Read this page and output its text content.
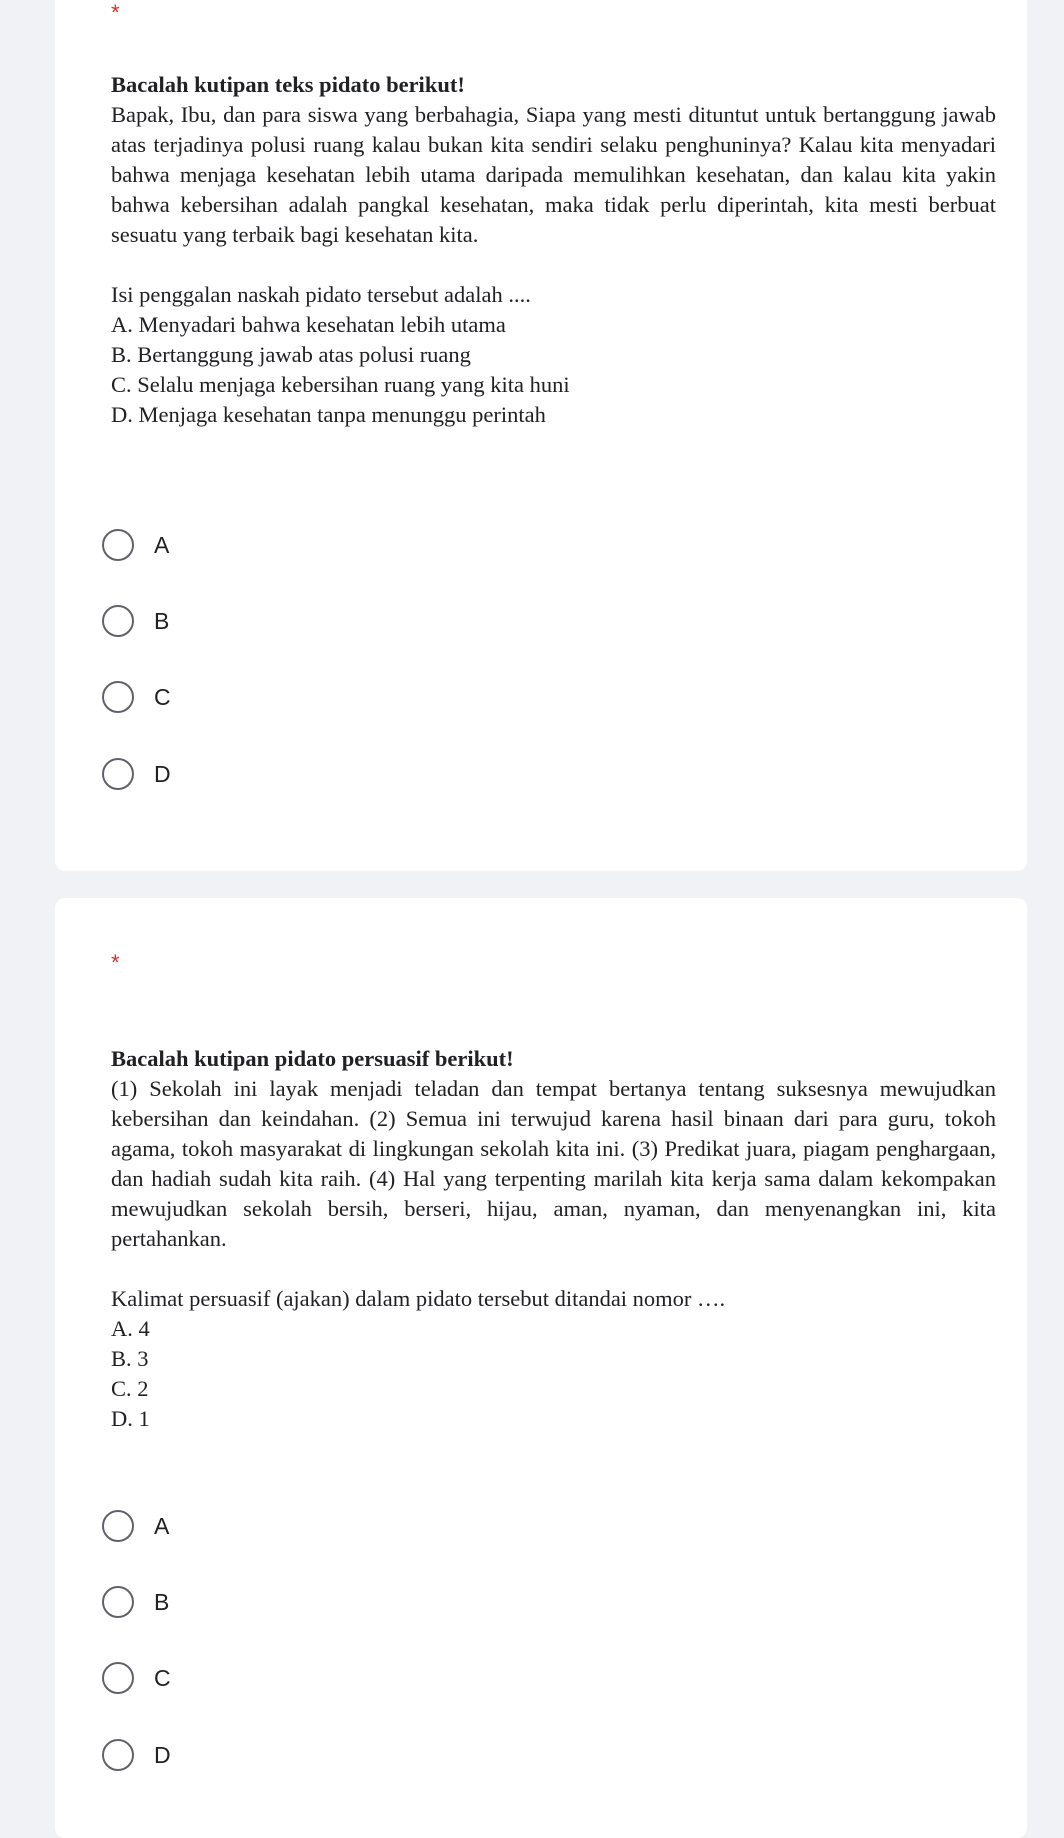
*

Bacalah kutipan teks pidato berikut!

Bapak, Ibu, dan para siswa yang berbahagia, Siapa yang mesti dituntut untuk bertanggung jawab atas terjadinya polusi ruang kalau bukan kita sendiri selaku penghuninya? Kalau kita menyadari bahwa menjaga kesehatan lebih utama daripada memulihkan kesehatan, dan kalau kita yakin bahwa kebersihan adalah pangkal kesehatan, maka tidak perlu diperintah, kita mesti berbuat sesuatu yang terbaik bagi kesehatan kita.

Isi penggalan naskah pidato tersebut adalah ....

A. Menyadari bahwa kesehatan lebih utama
B. Bertanggung jawab atas polusi ruang
C. Selalu menjaga kebersihan ruang yang kita huni
D. Menjaga kesehatan tanpa menunggu perintah
A
B
C
D
*

Bacalah kutipan pidato persuasif berikut!

(1) Sekolah ini layak menjadi teladan dan tempat bertanya tentang suksesnya mewujudkan kebersihan dan keindahan. (2) Semua ini terwujud karena hasil binaan dari para guru, tokoh agama, tokoh masyarakat di lingkungan sekolah kita ini. (3) Predikat juara, piagam penghargaan, dan hadiah sudah kita raih. (4) Hal yang terpenting marilah kita kerja sama dalam kekompakan mewujudkan sekolah bersih, berseri, hijau, aman, nyaman, dan menyenangkan ini, kita pertahankan.

Kalimat persuasif (ajakan) dalam pidato tersebut ditandai nomor ….

A. 4
B. 3
C. 2
D. 1
A
B
C
D
